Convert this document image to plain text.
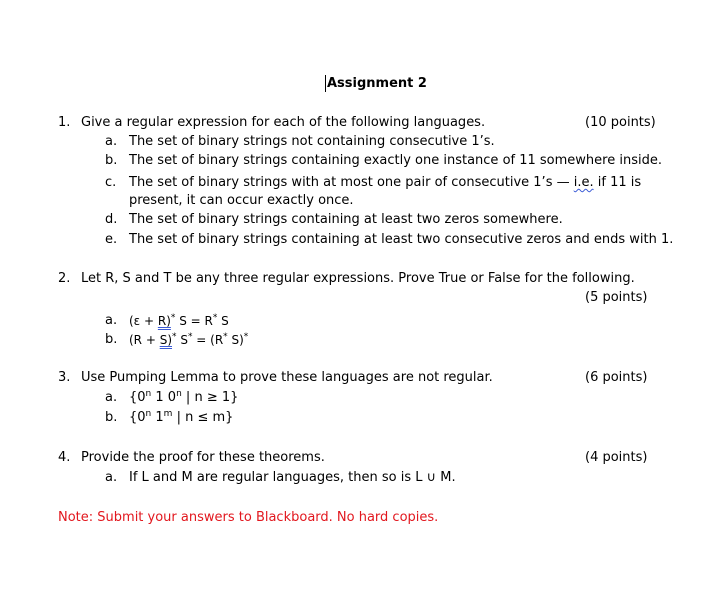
Assignment 2
1. Give a regular expression for each of the following languages.	(10 points)
a. The set of binary strings not containing consecutive 1’s.
b. The set of binary strings containing exactly one instance of 11 somewhere inside.
c. The set of binary strings with at most one pair of consecutive 1’s — i.e. if 11 is
present, it can occur exactly once.
d. The set of binary strings containing at least two zeros somewhere.
e. The set of binary strings containing at least two consecutive zeros and ends with 1.
2. Let R, S and T be any three regular expressions. Prove True or False for the following.
(5 points)
a. (ε + R)* S = R* S
b. (R + S)* S* = (R* S)*
3. Use Pumping Lemma to prove these languages are not regular.	(6 points)
a. {0$^n$ 1 0$^n$ | n ≥ 1}
b. {0$^n$ 1$^m$ | n ≤ m}
4. Provide the proof for these theorems.	(4 points)
a. If L and M are regular languages, then so is L ∪ M.
Note: Submit your answers to Blackboard. No hard copies.
